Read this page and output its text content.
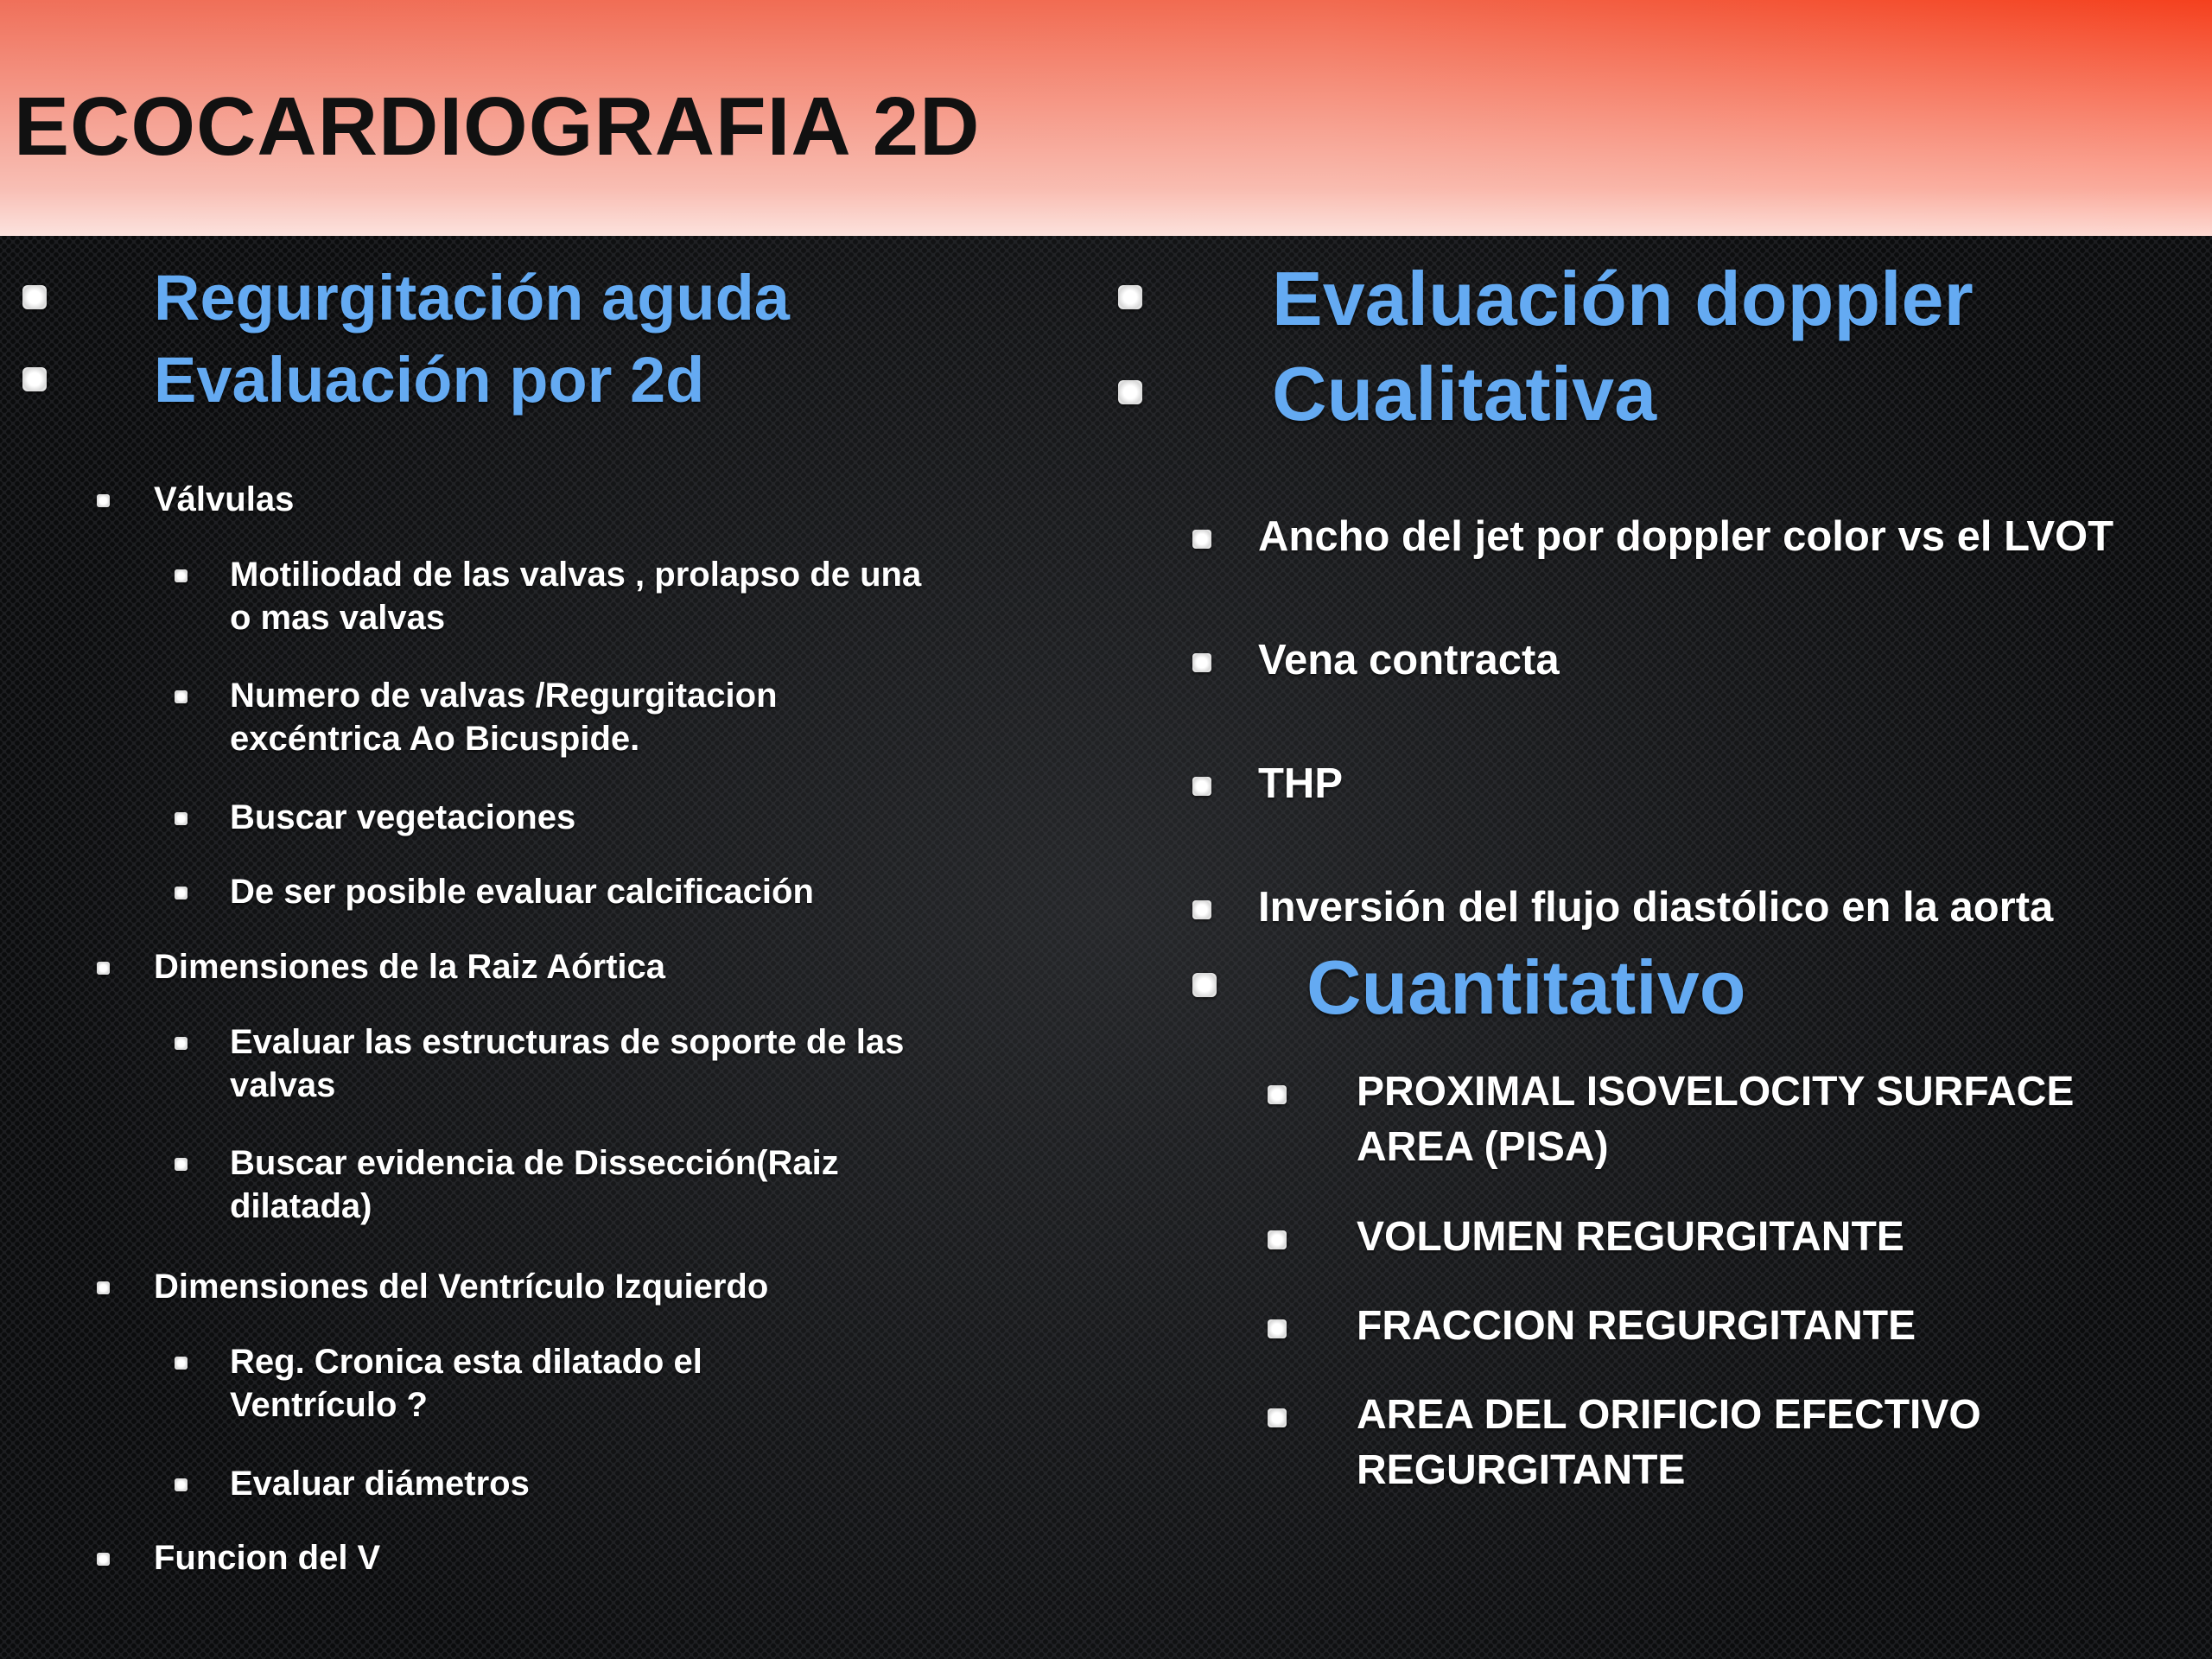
ECOCARDIOGRAFIA 2D
Regurgitación aguda
Evaluación por 2d

Válvulas

Motiliodad de las valvas , prolapso de una o mas valvas

Numero de valvas /Regurgitacion excéntrica Ao Bicuspide.

Buscar vegetaciones

De ser posible evaluar calcificación

Dimensiones de la Raiz Aórtica

Evaluar las estructuras de soporte de las valvas

Buscar evidencia de Dissección(Raiz dilatada)

Dimensiones del Ventrículo Izquierdo

Reg. Cronica esta dilatado el Ventrículo ?

Evaluar diámetros

Funcion del V

Evaluación doppler
Cualitativa

Ancho del jet por doppler color vs el LVOT

Vena contracta

THP

Inversión del flujo diastólico en la aorta

Cuantitativo

PROXIMAL ISOVELOCITY SURFACE AREA (PISA)

VOLUMEN REGURGITANTE

FRACCION REGURGITANTE

AREA DEL ORIFICIO EFECTIVO REGURGITANTE
